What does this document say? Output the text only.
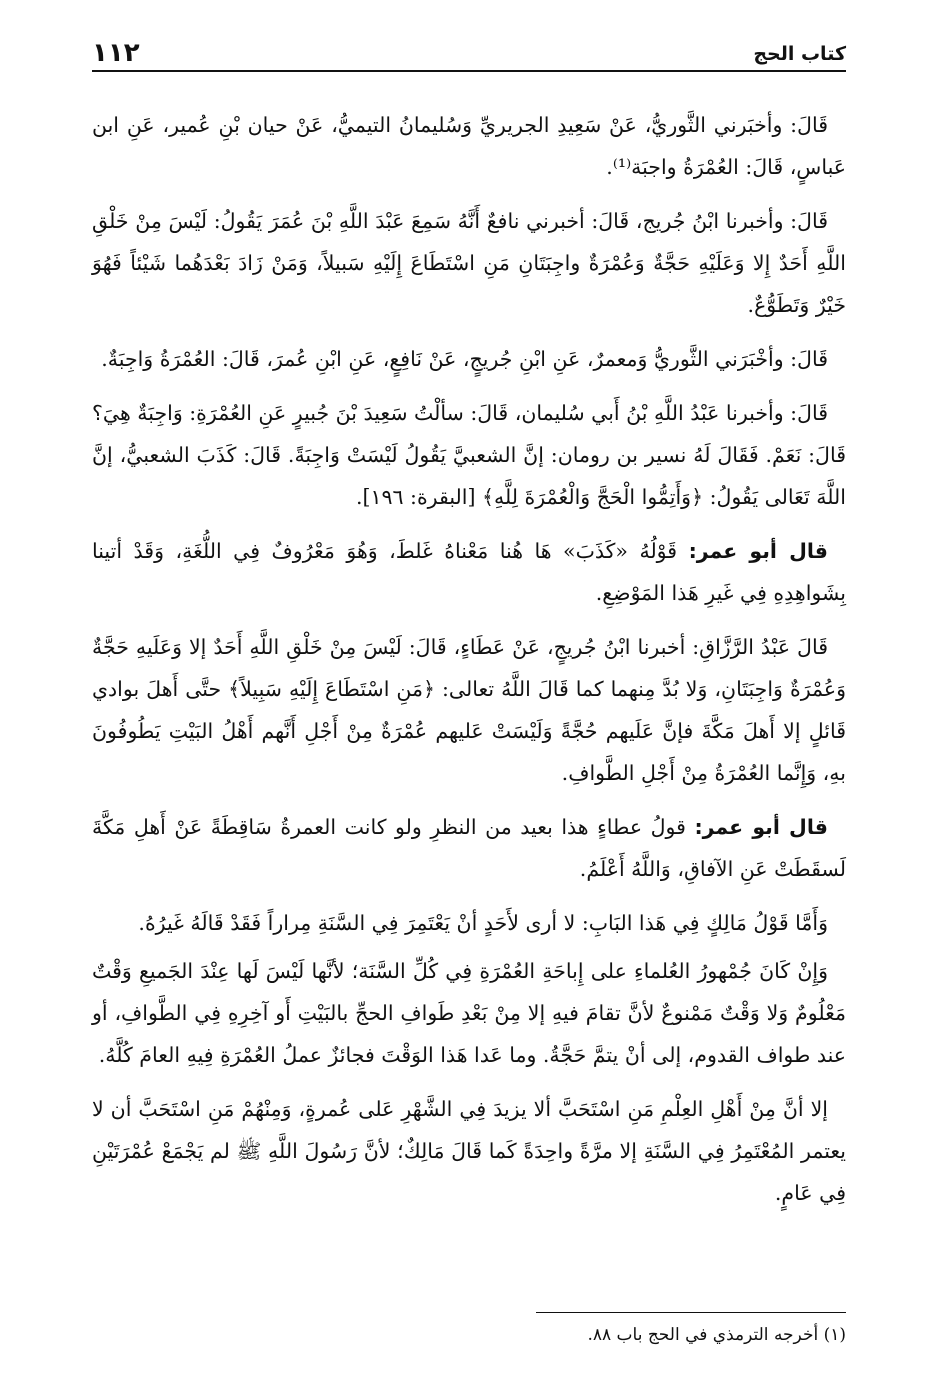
كتاب الحج
١١٢

قَالَ: وأخبَرني الثَّوريُّ، عَنْ سَعِيدِ الجريريِّ وَسُليمانُ التيميُّ، عَنْ حيان بْنِ عُمير، عَنِ ابن عَباسٍ، قَالَ: العُمْرَةُ واجبَة⁽¹⁾.

قَالَ: وأخبرنا ابْنُ جُريج، قَالَ: أخبرني نافعٌ أَنَّهُ سَمِعَ عَبْدَ اللَّهِ بْنَ عُمَرَ يَقُولُ: لَيْسَ مِنْ خَلْقِ اللَّهِ أَحَدٌ إِلا وَعَلَيْهِ حَجَّةٌ وَعُمْرَةٌ واجِبَتَانِ مَنِ اسْتَطَاعَ إِلَيْهِ سَبيلاً، وَمَنْ زَادَ بَعْدَهُما شَيْئاً فَهُوَ خَيْرٌ وَتَطَوُّعٌ.

قَالَ: وأخْبَرَني الثَّوريُّ وَمعمرٌ، عَنِ ابْنِ جُريجٍ، عَنْ نَافِعٍ، عَنِ ابْنِ عُمرَ، قَالَ: العُمْرَةُ وَاجِبَةٌ.

قَالَ: وأخبرنا عَبْدُ اللَّهِ بْنُ أَبي سُليمان، قَالَ: سألْتُ سَعِيدَ بْنَ جُبيرٍ عَنِ العُمْرَةِ: وَاجِبَةٌ هِيَ؟ قَالَ: نَعَمْ. فَقَالَ لَهُ نسير بن رومان: إنَّ الشعبيَّ يَقُولُ لَيْسَتْ وَاجِبَةً. قَالَ: كَذَبَ الشعبيُّ، إنَّ اللَّهَ تَعَالى يَقُولُ: ﴿وَأَتِمُّوا الْحَجَّ وَالْعُمْرَةَ لِلَّهِ﴾ [البقرة: ١٩٦].

قال أبو عمر: قَوْلُهُ «كَذَبَ» هَا هُنا مَعْناهُ غَلطَ، وَهُوَ مَعْرُوفٌ فِي اللُّغَةِ، وَقَدْ أتينا بِشَواهِدِهِ فِي غَيرِ هَذا المَوْضِعِ.

قَالَ عَبْدُ الرَّزَّاقِ: أخبرنا ابْنُ جُريجٍ، عَنْ عَطَاءٍ، قَالَ: لَيْسَ مِنْ خَلْقِ اللَّهِ أَحَدٌ إلا وَعَلَيهِ حَجَّةٌ وَعُمْرَةٌ وَاجِبَتَانِ، وَلا بُدَّ مِنهما كما قَالَ اللَّهُ تعالى: ﴿مَنِ اسْتَطَاعَ إِلَيْهِ سَبِيلاً﴾ حتَّى أَهلَ بوادي قَائلٍ إلا أَهلَ مَكَّةَ فإنَّ عَلَيهم حُجَّةً وَلَيْسَتْ عَليهم عُمْرَةٌ مِنْ أَجْلِ أَنَّهم أَهْلُ البَيْتِ يَطُوفُونَ بهِ، وَإِنَّما العُمْرَةُ مِنْ أَجْلِ الطَّوافِ.

قال أبو عمر: قولُ عطاءٍ هذا بعيد من النظرِ ولو كانت العمرةُ سَاقِطَةً عَنْ أَهلِ مَكَّةَ لَسقَطَتْ عَنِ الآفاقِ، وَاللَّهُ أَعْلَمُ.

وَأَمَّا قَوْلُ مَالِكٍ فِي هَذا البَابِ: لا أرى لأَحَدٍ أنْ يَعْتَمِرَ فِي السَّنَةِ مِراراً فَقَدْ قَالَهُ غَيرُهُ.

وَإِنْ كَانَ جُمْهورُ العُلماءِ على إِباحَةِ العُمْرَةِ فِي كُلِّ السَّنَة؛ لأنَّها لَيْسَ لَها عِنْدَ الجَميعِ وَقْتٌ مَعْلُومٌ وَلا وَقْتٌ مَمْنوعٌ لأنَّ تقامَ فيهِ إلا مِنْ بَعْدِ طَوافِ الحجِّ بالبَيْتِ أَو آخِرِهِ فِي الطَّوافِ، أو عند طواف القدوم، إلى أنْ يتمَّ حَجَّةُ. وما عَدا هَذا الوَقْتَ فجائزٌ عملُ العُمْرَةِ فِيهِ العامَ كُلَّهُ.

إلا أنَّ مِنْ أَهْلِ العِلْمِ مَنِ اسْتَحَبَّ ألا يزيدَ فِي الشَّهْرِ عَلى عُمرةٍ، وَمِنْهُمْ مَنِ اسْتَحَبَّ أن لا يعتمر المُعْتَمِرُ فِي السَّنَةِ إلا مرَّةً واحِدَةً كَما قَالَ مَالِكٌ؛ لأنَّ رَسُولَ اللَّهِ ﷺ لم يَجْمَعْ عُمْرَتَيْنِ فِي عَامٍ.

(١) أخرجه الترمذي في الحج باب ٨٨.
